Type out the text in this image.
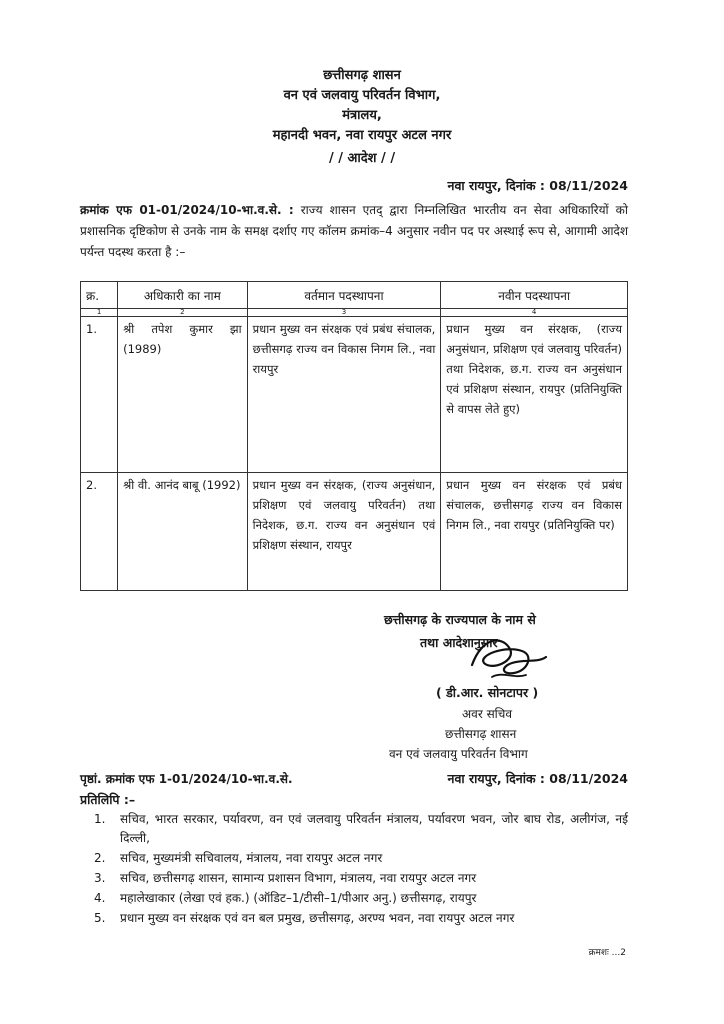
छत्तीसगढ़ शासन
वन एवं जलवायु परिवर्तन विभाग,
मंत्रालय,
महानदी भवन, नवा रायपुर अटल नगर
/ / आदेश / /
नवा रायपुर, दिनांक : 08/11/2024
क्रमांक एफ 01-01/2024/10-भा.व.से. : राज्य शासन एतद् द्वारा निम्नलिखित भारतीय वन सेवा अधिकारियों को प्रशासनिक दृष्टिकोण से उनके नाम के समक्ष दर्शाए गए कॉलम क्रमांक–4 अनुसार नवीन पद पर अस्थाई रूप से, आगामी आदेश पर्यन्त पदस्थ करता है :–
क्र.	अधिकारी का नाम	वर्तमान पदस्थापना	नवीन पदस्थापना
1	2	3	4
1.	श्री तपेश कुमार झा (1989)	प्रधान मुख्य वन संरक्षक एवं प्रबंध संचालक, छत्तीसगढ़ राज्य वन विकास निगम लि., नवा रायपुर	प्रधान मुख्य वन संरक्षक, (राज्य अनुसंधान, प्रशिक्षण एवं जलवायु परिवर्तन) तथा निदेशक, छ.ग. राज्य वन अनुसंधान एवं प्रशिक्षण संस्थान, रायपुर (प्रतिनियुक्ति से वापस लेते हुए)
2.	श्री वी. आनंद बाबू (1992)	प्रधान मुख्य वन संरक्षक, (राज्य अनुसंधान, प्रशिक्षण एवं जलवायु परिवर्तन) तथा निदेशक, छ.ग. राज्य वन अनुसंधान एवं प्रशिक्षण संस्थान, रायपुर	प्रधान मुख्य वन संरक्षक एवं प्रबंध संचालक, छत्तीसगढ़ राज्य वन विकास निगम लि., नवा रायपुर (प्रतिनियुक्ति पर)
छत्तीसगढ़ के राज्यपाल के नाम से
तथा आदेशानुसार
( डी.आर. सोनटापर )
अवर सचिव
छत्तीसगढ़ शासन
वन एवं जलवायु परिवर्तन विभाग
पृष्ठां. क्रमांक एफ 1-01/2024/10-भा.व.से.	नवा रायपुर, दिनांक : 08/11/2024
प्रतिलिपि :–
1.	सचिव, भारत सरकार, पर्यावरण, वन एवं जलवायु परिवर्तन मंत्रालय, पर्यावरण भवन, जोर बाघ रोड, अलीगंज, नई दिल्ली,
2.	सचिव, मुख्यमंत्री सचिवालय, मंत्रालय, नवा रायपुर अटल नगर
3.	सचिव, छत्तीसगढ़ शासन, सामान्य प्रशासन विभाग, मंत्रालय, नवा रायपुर अटल नगर
4.	महालेखाकार (लेखा एवं हक.) (ऑडिट–1/टीसी–1/पीआर अनु.) छत्तीसगढ़, रायपुर
5.	प्रधान मुख्य वन संरक्षक एवं वन बल प्रमुख, छत्तीसगढ़, अरण्य भवन, नवा रायपुर अटल नगर
क्रमशः ...2
